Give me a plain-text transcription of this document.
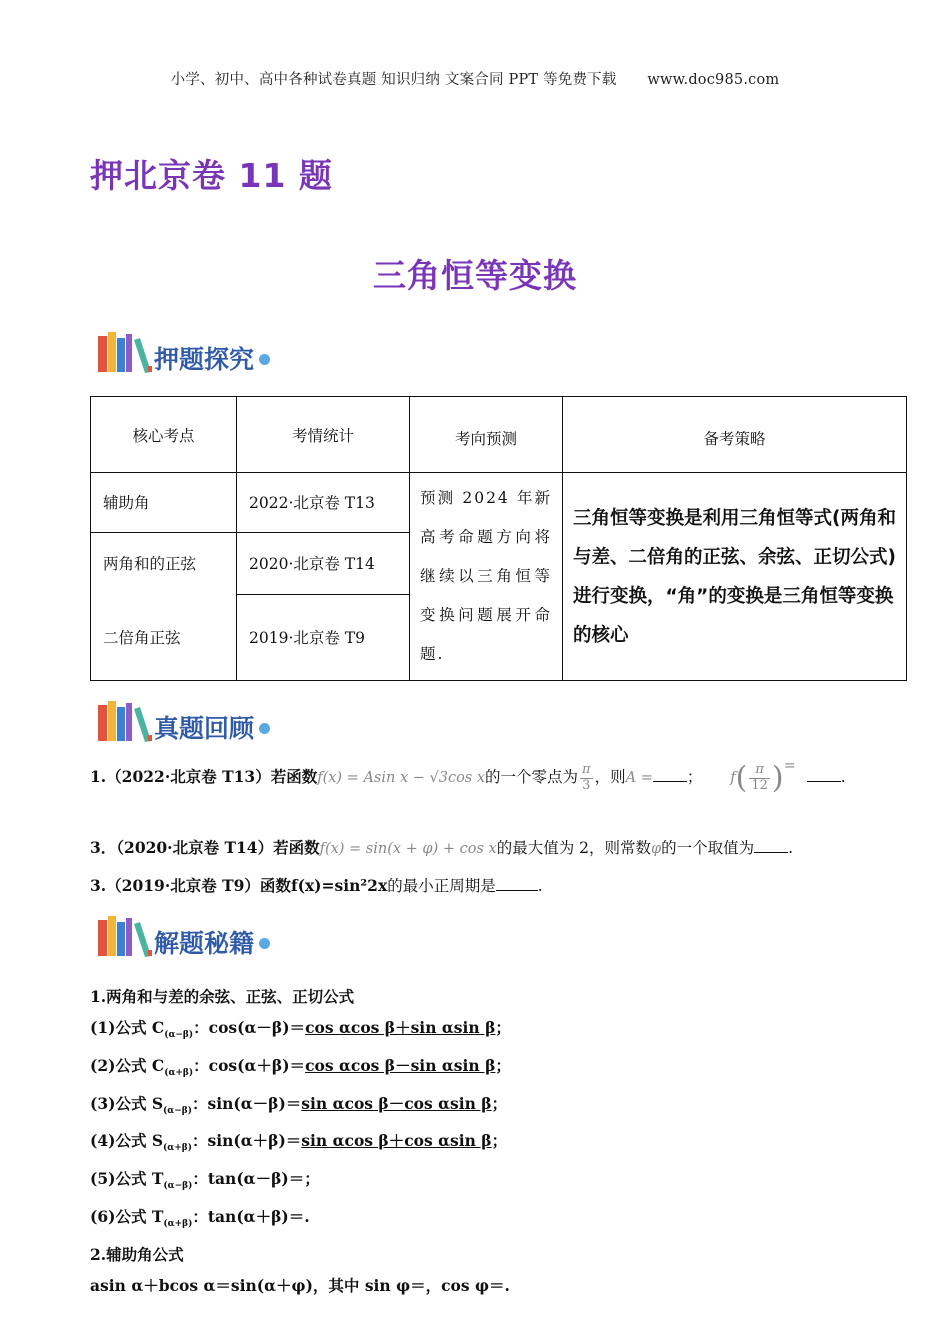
小学、初中、高中各种试卷真题 知识归纳 文案合同 PPT 等免费下载 www.doc985.com
押北京卷 11 题
三角恒等变换
押题探究
核心考点	考情统计	考向预测	备考策略
辅助角	2022·北京卷 T13	预测 2024 年新高考命题方向将继续以三角恒等变换问题展开命题.	三角恒等变换是利用三角恒等式(两角和与差、二倍角的正弦、余弦、正切公式)进行变换，“角”的变换是三角恒等变换的核心
两角和的正弦	2020·北京卷 T14		
二倍角正弦	2019·北京卷 T9		
真题回顾
1.（2022·北京卷 T13）若函数f(x) = Asin x − √3cos x的一个零点为 $\frac{\pi}{3}$ ，则A = ； $f( \frac{\pi}{12}$ )= .
3．（2020·北京卷 T14）若函数f(x) = sin(x + φ) + cos x的最大值为 2，则常数φ的一个取值为 .
3.（2019·北京卷 T9）函数f(x)=sin²2x的最小正周期是	.
解题秘籍
1.两角和与差的余弦、正弦、正切公式
(1)公式 $C_{(\alpha-\beta)}$：cos(α－β)＝cos αcos β＋sin αsin β；
(2)公式 $C_{(\alpha+\beta)}$：cos(α＋β)＝cos αcos β－sin αsin β；
(3)公式 $S_{(\alpha-\beta)}$：sin(α－β)＝sin αcos β－cos αsin β；
(4)公式 $S_{(\alpha+\beta)}$：sin(α＋β)＝sin αcos β＋cos αsin β；
(5)公式 $T_{(\alpha-\beta)}$：tan(α－β)＝；
(6)公式 $T_{(\alpha+\beta)}$：tan(α＋β)＝.
2.辅助角公式
asin α＋bcos α＝sin(α＋φ)，其中 sin φ＝，cos φ＝.
